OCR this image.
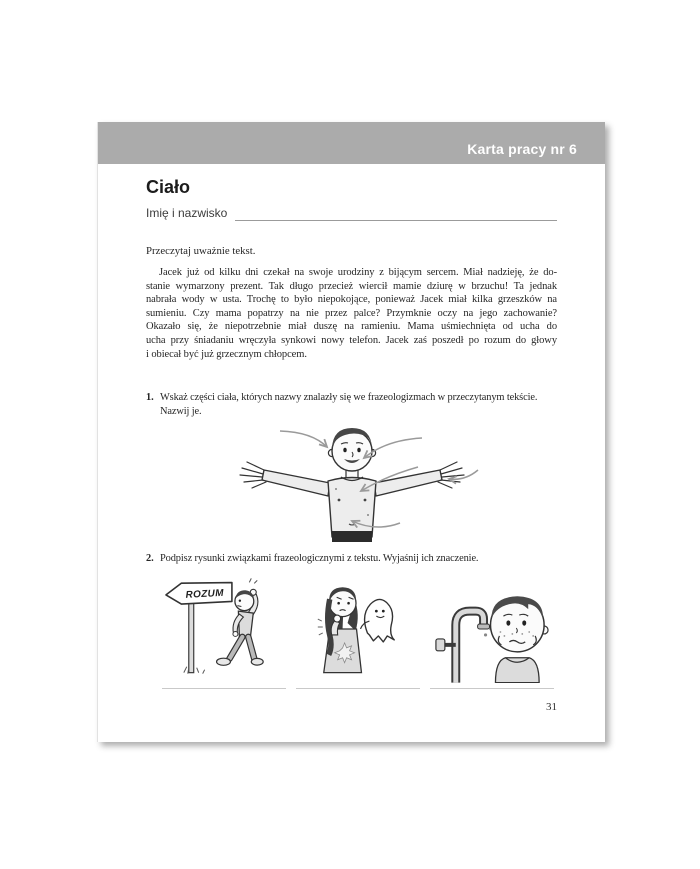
Karta pracy nr 6
Ciało
Imię i nazwisko

Przeczytaj uważnie tekst.

Jacek już od kilku dni czekał na swoje urodziny z bijącym sercem. Miał nadzieję, że do-
stanie wymarzony prezent. Tak długo przecież wiercił mamie dziurę w brzuchu! Ta jednak
nabrała wody w usta. Trochę to było niepokojące, ponieważ Jacek miał kilka grzeszków na
sumieniu. Czy mama popatrzy na nie przez palce? Przymknie oczy na jego zachowanie?
Okazało się, że niepotrzebnie miał duszę na ramieniu. Mama uśmiechnięta od ucha do
ucha przy śniadaniu wręczyła synkowi nowy telefon. Jacek zaś poszedł po rozum do głowy
i obiecał być już grzecznym chłopcem.
1. Wskaż części ciała, których nazwy znalazły się we frazeologizmach w przeczytanym tekście.
Nazwij je.
2. Podpisz rysunki związkami frazeologicznymi z tekstu. Wyjaśnij ich znaczenie.
ROZUM
31
